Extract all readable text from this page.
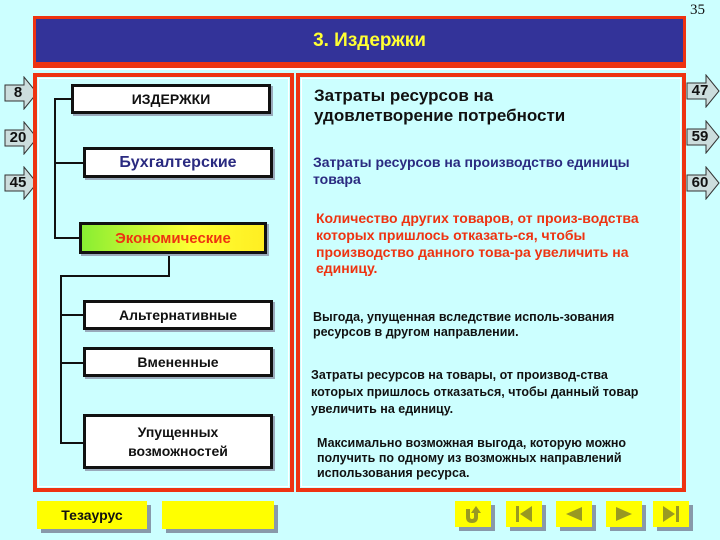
35
3. Издержки
8
20
45
47
59
60
ИЗДЕРЖКИ
Бухгалтерские
Экономические
Альтернативные
Вмененные
Упущенных
возможностей
Затраты ресурсов на удовлетворение потребности
Затраты ресурсов на производство единицы товара
Количество других товаров, от произ-водства которых пришлось отказать-ся, чтобы производство данного това-ра увеличить на единицу.
Выгода, упущенная вследствие исполь-зования ресурсов в другом направлении.
Затраты ресурсов на товары, от производ-ства которых пришлось отказаться, чтобы данный товар увеличить на единицу.
Максимально возможная выгода, которую можно получить по одному из возможных направлений использования ресурса.
Тезаурус
